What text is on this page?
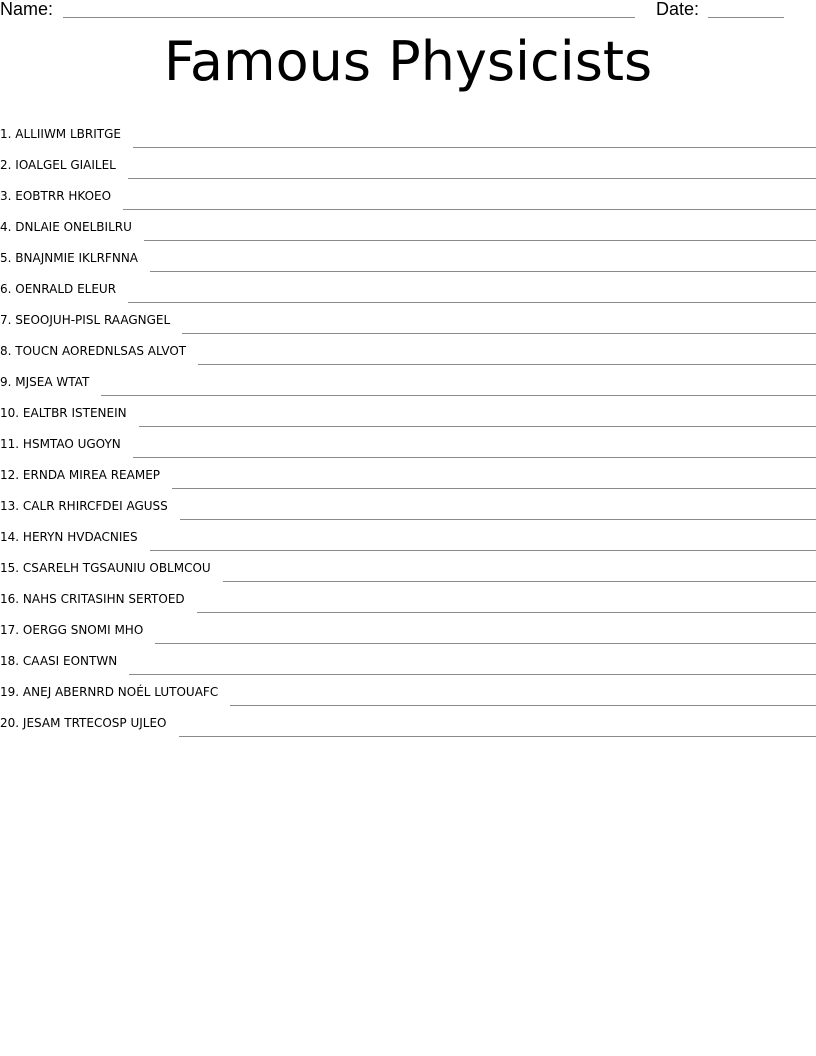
Name:	Date:
Famous Physicists
1. ALLIIWM LBRITGE
2. IOALGEL GIAILEL
3. EOBTRR HKOEO
4. DNLAIE ONELBILRU
5. BNAJNMIE IKLRFNNA
6. OENRALD ELEUR
7. SEOOJUH-PISL RAAGNGEL
8. TOUCN AOREDNLSAS ALVOT
9. MJSEA WTAT
10. EALTBR ISTENEIN
11. HSMTAO UGOYN
12. ERNDA MIREA REAMEP
13. CALR RHIRCFDEI AGUSS
14. HERYN HVDACNIES
15. CSARELH TGSAUNIU OBLMCOU
16. NAHS CRITASIHN SERTOED
17. OERGG SNOMI MHO
18. CAASI EONTWN
19. ANEJ ABERNRD NOÉL LUTOUAFC
20. JESAM TRTECOSP UJLEO
